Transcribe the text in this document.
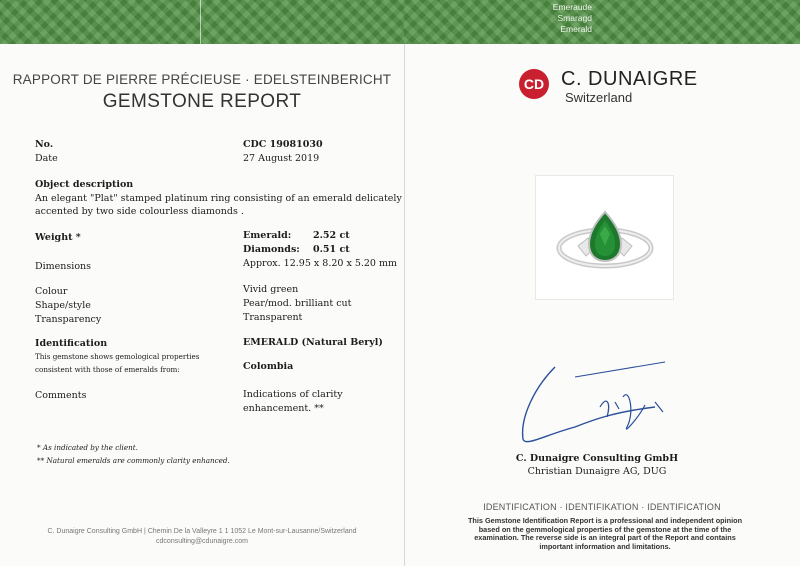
Emeraude
Smaragd
Emerald
RAPPORT DE PIERRE PRÉCIEUSE · EDELSTEINBERICHT
GEMSTONE REPORT
No.	CDC 19081030
Date	27 August 2019
Object description
An elegant "Plat" stamped platinum ring consisting of an emerald delicately
accented by two side colourless diamonds .
Weight *	Emerald: 2.52 ct
Diamonds: 0.51 ct
Dimensions	Approx. 12.95 x 8.20 x 5.20 mm
Colour	Vivid green
Shape/style	Pear/mod. brilliant cut
Transparency	Transparent
Identification	EMERALD (Natural Beryl)
This gemstone shows gemological properties
consistent with those of emeralds from:	Colombia
Comments	Indications of clarity
enhancement. **
* As indicated by the client.
** Natural emeralds are commonly clarity enhanced.
C. Dunaigre Consulting GmbH | Chemin De la Valleyre 1 1 1052 Le Mont-sur-Lausanne/Switzerland
cdconsulting@cdunaigre.com
CD C. DUNAIGRE
Switzerland
C. Dunaigre Consulting GmbH
Christian Dunaigre AG, DUG
IDENTIFICATION · IDENTIFIKATION · IDENTIFICATION
This Gemstone Identification Report is a professional and independent opinion
based on the gemmological properties of the gemstone at the time of the
examination. The reverse side is an integral part of the Report and contains
important information and limitations.
